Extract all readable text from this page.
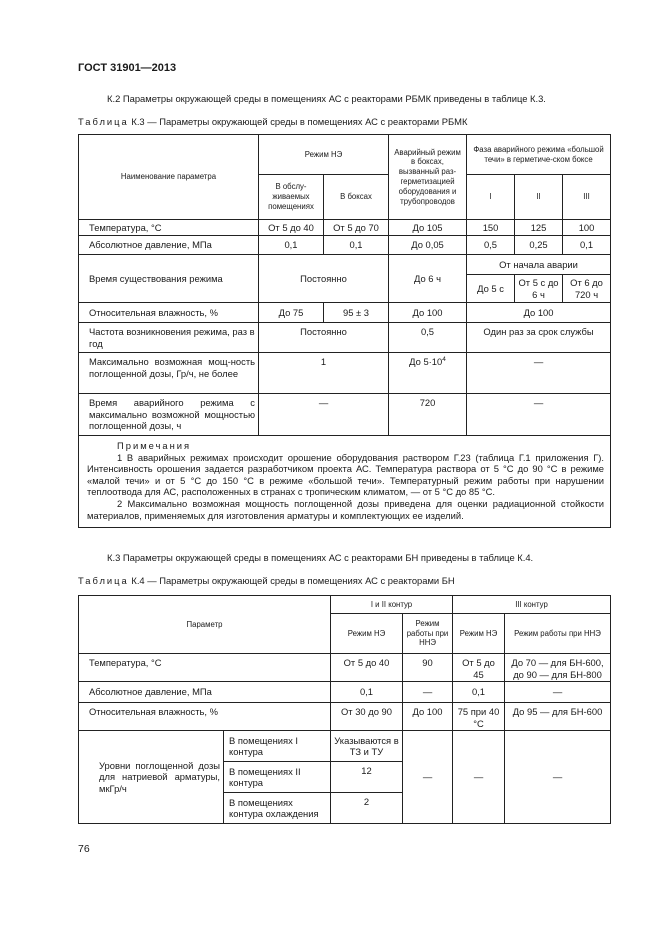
ГОСТ 31901—2013
К.2 Параметры окружающей среды в помещениях АС с реакторами РБМК приведены в таблице К.3.
Таблица К.3 — Параметры окружающей среды в помещениях АС с реакторами РБМК
Наименование параметра	Режим НЭ		Аварийный режим в боксах, вызванный раз-герметизацией оборудования и трубопроводов	Фаза аварийного режима «большой течи» в герметиче-ском боксе		
	В обслу-живаемых помещениях	В боксах		I	II	III
Температура, °С	От 5 до 40	От 5 до 70	До 105	150	125	100
Абсолютное давление, МПа	0,1	0,1	До 0,05	0,5	0,25	0,1
Время существования режима	Постоянно		До 6 ч	От начала аварии		
				До 5 с	От 5 с до 6 ч	От 6 до 720 ч
Относительная влажность, %	До 75	95 ± 3	До 100	До 100		
Частота возникновения режима, раз в год	Постоянно		0,5	Один раз за срок службы		
Максимально возможная мощ-ность поглощенной дозы, Гр/ч, не более	1		До $5\cdot 10^4$	—		
Время аварийного режима с максимально возможной мощностью поглощенной дозы, ч	—		720	—		

Примечания
1 В аварийных режимах происходит орошение оборудования раствором Г.23 (таблица Г.1 приложения Г). Интенсивность орошения задается разработчиком проекта АС. Температура раствора от 5 °С до 90 °С в режиме «малой течи» и от 5 °С до 150 °С в режиме «большой течи». Температурный режим работы при нарушении теплоотвода для АС, расположенных в странах с тропическим климатом, — от 5 °С до 85 °С.
2 Максимально возможная мощность поглощенной дозы приведена для оценки радиационной стойкости материалов, применяемых для изготовления арматуры и комплектующих ее изделий.						
К.3 Параметры окружающей среды в помещениях АС с реакторами БН приведены в таблице К.4.
Таблица К.4 — Параметры окружающей среды в помещениях АС с реакторами БН
Параметр		I и II контур		III контур	
		Режим НЭ	Режим работы при ННЭ	Режим НЭ	Режим работы при ННЭ
Температура, °С		От 5 до 40	90	От 5 до 45	До 70 — для БН-600, до 90 — для БН-800
Абсолютное давление, МПа		0,1	—	0,1	—
Относительная влажность, %		От 30 до 90	До 100	75 при 40 °С	До 95 — для БН-600
Уровни поглощенной дозы для натриевой арматуры, мкГр/ч	В помещениях I контура	Указываются в ТЗ и ТУ	—	—	—
	В помещениях II контура	12			
	В помещениях контура охлаждения	2			
76
